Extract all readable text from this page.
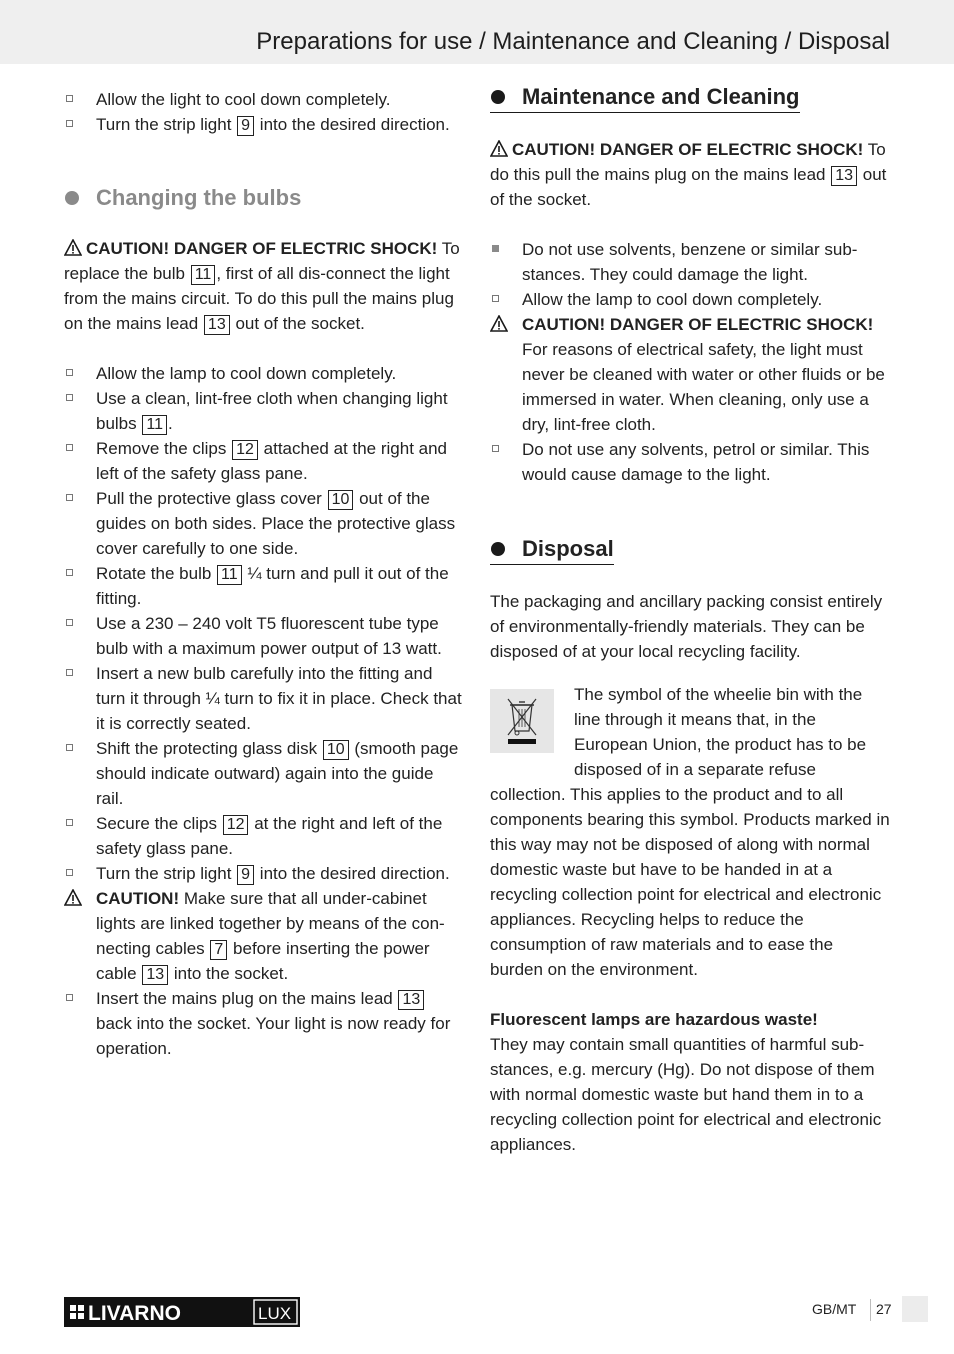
Preparations for use / Maintenance and Cleaning / Disposal
Allow the light to cool down completely.
Turn the strip light 9 into the desired direction.
Changing the bulbs
CAUTION! DANGER OF ELECTRIC SHOCK! To replace the bulb 11 , first of all dis-connect the light from the mains circuit. To do this pull the mains plug on the mains lead 13 out of the socket.
Allow the lamp to cool down completely.
Use a clean, lint-free cloth when changing light bulbs 11 .
Remove the clips 12 attached at the right and left of the safety glass pane.
Pull the protective glass cover 10 out of the guides on both sides. Place the protective glass cover carefully to one side.
Rotate the bulb 11 ¼ turn and pull it out of the fitting.
Use a 230 – 240 volt T5 fluorescent tube type bulb with a maximum power output of 13 watt.
Insert a new bulb carefully into the fitting and turn it through ¼ turn to fix it in place. Check that it is correctly seated.
Shift the protecting glass disk 10 (smooth page should indicate outward) again into the guide rail.
Secure the clips 12 at the right and left of the safety glass pane.
Turn the strip light 9 into the desired direction.
CAUTION! Make sure that all under-cabinet lights are linked together by means of the con-necting cables 7 before inserting the power cable 13 into the socket.
Insert the mains plug on the mains lead 13 back into the socket. Your light is now ready for operation.
Maintenance and Cleaning
CAUTION! DANGER OF ELECTRIC SHOCK! To do this pull the mains plug on the mains lead 13 out of the socket.
Do not use solvents, benzene or similar sub-stances. They could damage the light.
Allow the lamp to cool down completely.
CAUTION! DANGER OF ELECTRIC SHOCK! For reasons of electrical safety, the light must never be cleaned with water or other fluids or be immersed in water. When cleaning, only use a dry, lint-free cloth.
Do not use any solvents, petrol or similar. This would cause damage to the light.
Disposal
The packaging and ancillary packing consist entirely of environmentally-friendly materials. They can be disposed of at your local recycling facility.
The symbol of the wheelie bin with the line through it means that, in the European Union, the product has to be disposed of in a separate refuse collection. This applies to the product and to all components bearing this symbol. Products marked in this way may not be disposed of along with normal domestic waste but have to be handed in at a recycling collection point for electrical and electronic appliances. Recycling helps to reduce the consumption of raw materials and to ease the burden on the environment.
Fluorescent lamps are hazardous waste!
They may contain small quantities of harmful sub-stances, e.g. mercury (Hg). Do not dispose of them with normal domestic waste but hand them in to a recycling collection point for electrical and electronic appliances.
LIVARNO	LUX	GB/MT 27
